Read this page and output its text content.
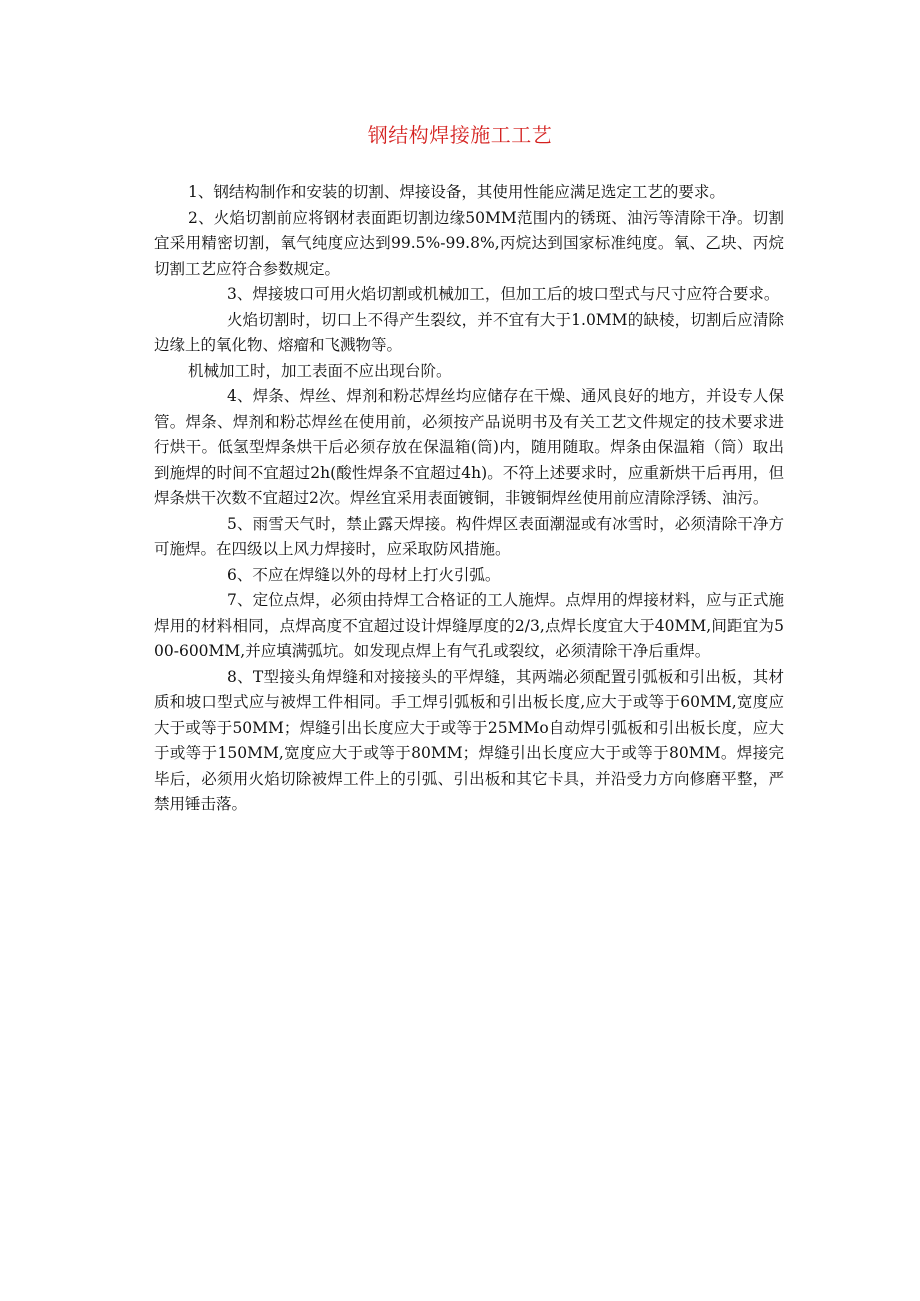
钢结构焊接施工工艺

1、钢结构制作和安装的切割、焊接设备，其使用性能应满足选定工艺的要求。

2、火焰切割前应将钢材表面距切割边缘50MM范围内的锈斑、油污等清除干净。切割宜采用精密切割，氧气纯度应达到99.5%-99.8%,丙烷达到国家标准纯度。氧、乙块、丙烷切割工艺应符合参数规定。

3、焊接坡口可用火焰切割或机械加工，但加工后的坡口型式与尺寸应符合要求。

火焰切割时，切口上不得产生裂纹，并不宜有大于1.0MM的缺棱，切割后应清除边缘上的氧化物、熔瘤和飞溅物等。

机械加工时，加工表面不应出现台阶。

4、焊条、焊丝、焊剂和粉芯焊丝均应储存在干燥、通风良好的地方，并设专人保管。焊条、焊剂和粉芯焊丝在使用前，必须按产品说明书及有关工艺文件规定的技术要求进行烘干。低氢型焊条烘干后必须存放在保温箱(筒)内，随用随取。焊条由保温箱（筒）取出到施焊的时间不宜超过2h(酸性焊条不宜超过4h)。不符上述要求时，应重新烘干后再用，但焊条烘干次数不宜超过2次。焊丝宜采用表面镀铜，非镀铜焊丝使用前应清除浮锈、油污。

5、雨雪天气时，禁止露天焊接。构件焊区表面潮湿或有冰雪时，必须清除干净方可施焊。在四级以上风力焊接时，应采取防风措施。

6、不应在焊缝以外的母材上打火引弧。

7、定位点焊，必须由持焊工合格证的工人施焊。点焊用的焊接材料，应与正式施焊用的材料相同，点焊高度不宜超过设计焊缝厚度的2/3,点焊长度宜大于40MM,间距宜为500-600MM,并应填满弧坑。如发现点焊上有气孔或裂纹，必须清除干净后重焊。

8、T型接头角焊缝和对接接头的平焊缝，其两端必须配置引弧板和引出板，其材质和坡口型式应与被焊工件相同。手工焊引弧板和引出板长度,应大于或等于60MM,宽度应大于或等于50MM；焊缝引出长度应大于或等于25MMo自动焊引弧板和引出板长度，应大于或等于150MM,宽度应大于或等于80MM；焊缝引出长度应大于或等于80MM。焊接完毕后，必须用火焰切除被焊工件上的引弧、引出板和其它卡具，并沿受力方向修磨平整，严禁用锤击落。
